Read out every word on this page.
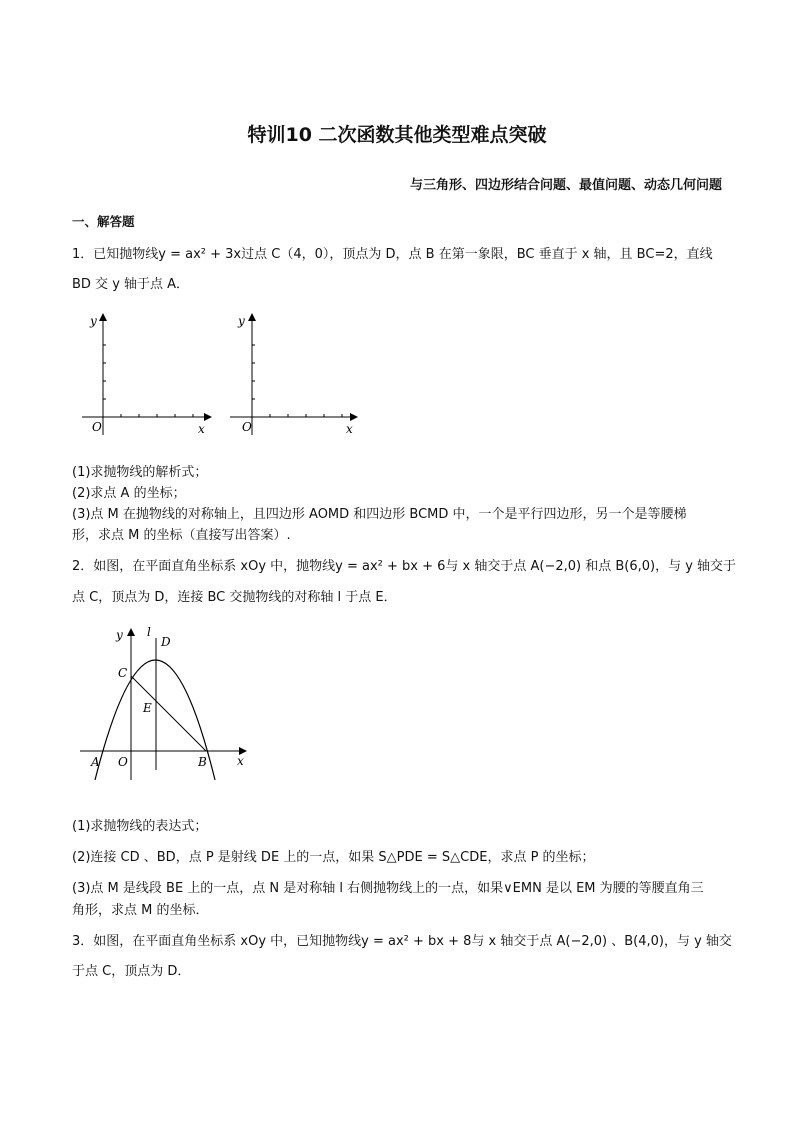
特训10 二次函数其他类型难点突破
与三角形、四边形结合问题、最值问题、动态几何问题
一、解答题
1．已知抛物线y = ax² + 3x过点 C（4，0），顶点为 D，点 B 在第一象限，BC 垂直于 x 轴，且 BC=2，直线
BD 交 y 轴于点 A．
y
x
O
y
x
O
(1)求抛物线的解析式；
(2)求点 A 的坐标；
(3)点 M 在抛物线的对称轴上，且四边形 AOMD 和四边形 BCMD 中，一个是平行四边形，另一个是等腰梯
形，求点 M 的坐标（直接写出答案）.
2．如图，在平面直角坐标系 xOy 中，抛物线y = ax² + bx + 6与 x 轴交于点 A(−2,0) 和点 B(6,0)，与 y 轴交于
点 C，顶点为 D，连接 BC 交抛物线的对称轴 l 于点 E．
y l
D
C
E
A O	B	x
(1)求抛物线的表达式；
(2)连接 CD 、BD，点 P 是射线 DE 上的一点，如果 S△PDE = S△CDE，求点 P 的坐标；
(3)点 M 是线段 BE 上的一点，点 N 是对称轴 l 右侧抛物线上的一点，如果∨EMN 是以 EM 为腰的等腰直角三
角形，求点 M 的坐标．
3．如图，在平面直角坐标系 xOy 中，已知抛物线y = ax² + bx + 8与 x 轴交于点 A(−2,0) 、B(4,0)，与 y 轴交
于点 C，顶点为 D．
